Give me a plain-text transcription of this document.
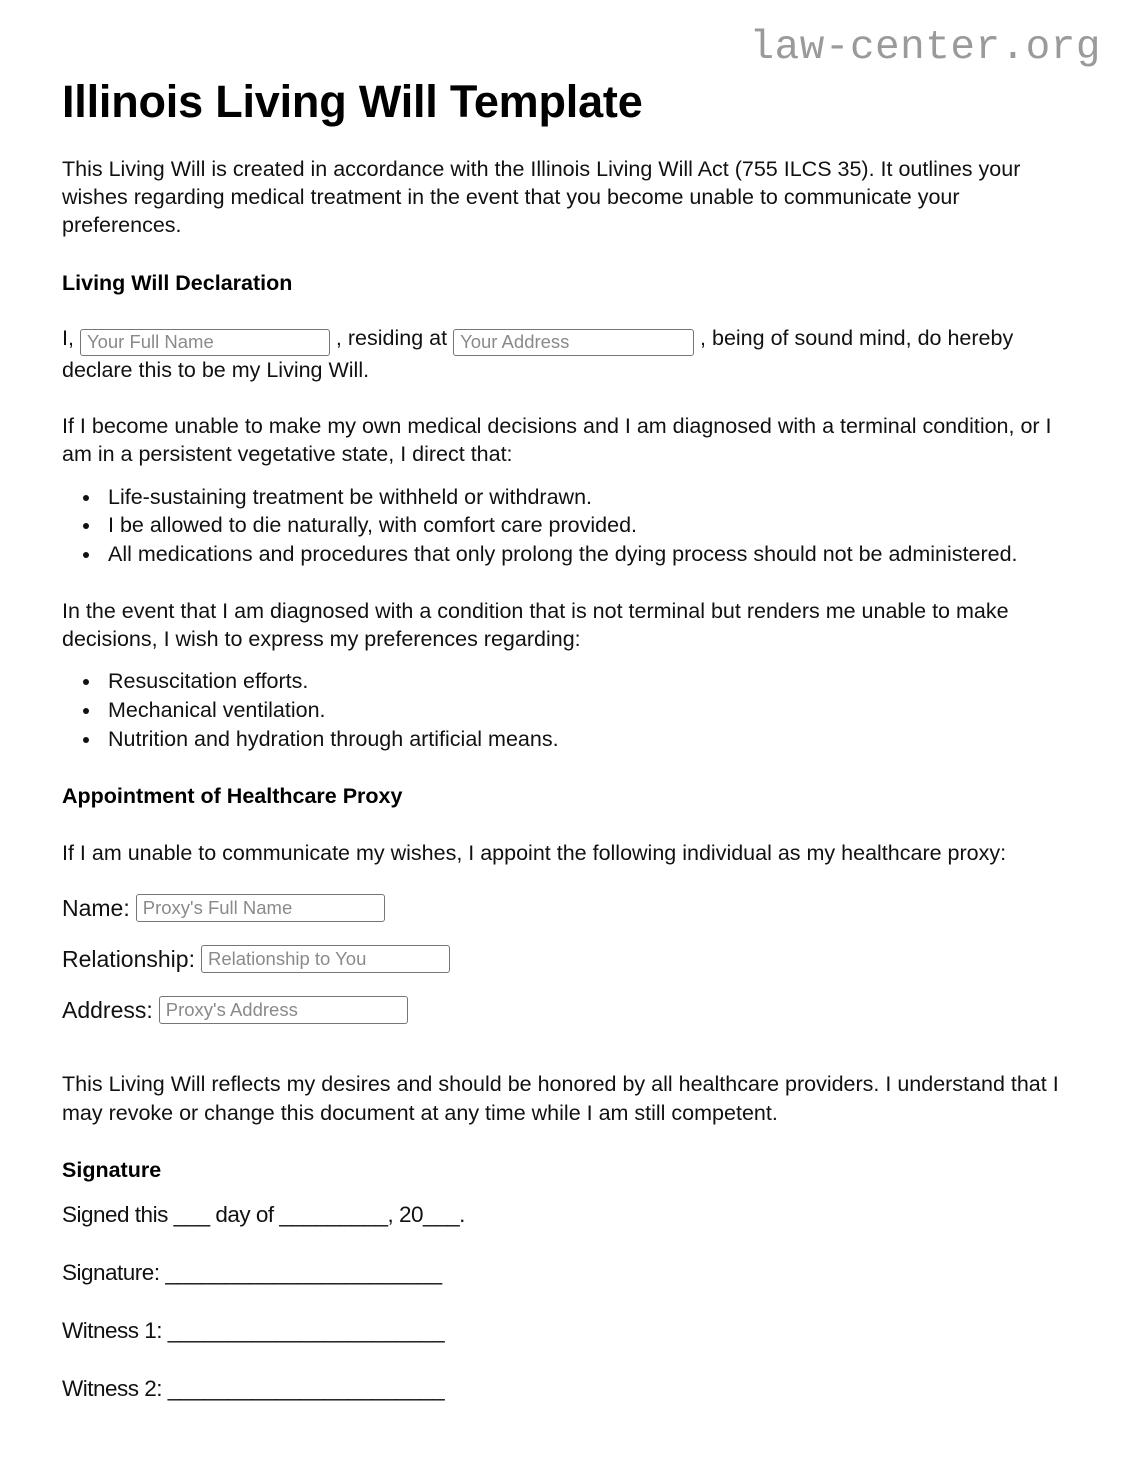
law-center.org
Illinois Living Will Template

This Living Will is created in accordance with the Illinois Living Will Act (755 ILCS 35). It outlines your wishes regarding medical treatment in the event that you become unable to communicate your preferences.

Living Will Declaration

I, Your Full Name	, residing at Your Address	, being of sound mind, do hereby declare this to be my Living Will.

If I become unable to make my own medical decisions and I am diagnosed with a terminal condition, or I am in a persistent vegetative state, I direct that:

• Life-sustaining treatment be withheld or withdrawn.
• I be allowed to die naturally, with comfort care provided.
• All medications and procedures that only prolong the dying process should not be administered.

In the event that I am diagnosed with a condition that is not terminal but renders me unable to make decisions, I wish to express my preferences regarding:

• Resuscitation efforts.
• Mechanical ventilation.
• Nutrition and hydration through artificial means.
Appointment of Healthcare Proxy

If I am unable to communicate my wishes, I appoint the following individual as my healthcare proxy:

Name:
Proxy's Full Name
Relationship:
Relationship to You
Address:
Proxy's Address

This Living Will reflects my desires and should be honored by all healthcare providers. I understand that I may revoke or change this document at any time while I am still competent.

Signature

Signed this ___ day of _________, 20___.

Signature: _______________________

Witness 1: _______________________

Witness 2: _______________________
